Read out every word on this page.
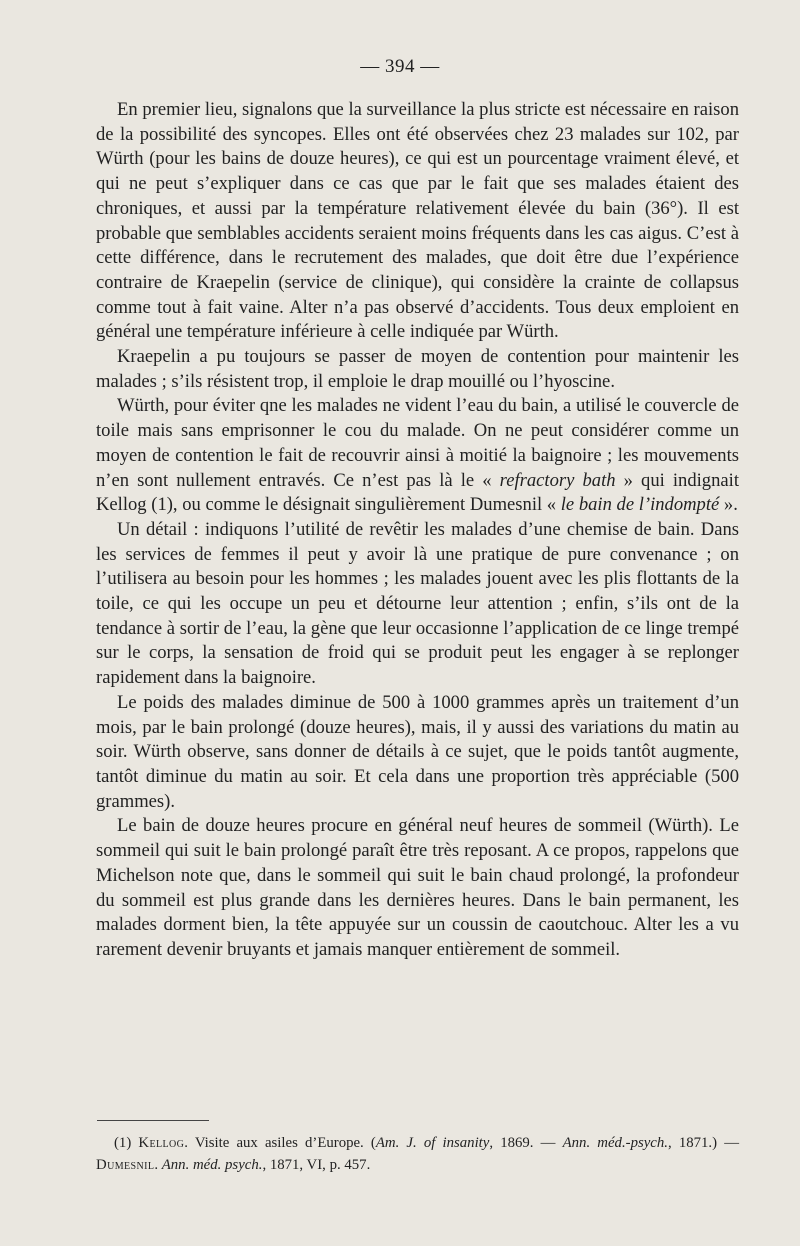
— 394 —

En premier lieu, signalons que la surveillance la plus stricte est nécessaire en raison de la possibilité des syncopes. Elles ont été observées chez 23 malades sur 102, par Würth (pour les bains de douze heures), ce qui est un pourcentage vraiment élevé, et qui ne peut s’expliquer dans ce cas que par le fait que ses malades étaient des chroniques, et aussi par la température relativement élevée du bain (36°). Il est probable que semblables accidents seraient moins fréquents dans les cas aigus. C’est à cette différence, dans le recrutement des malades, que doit être due l’expérience contraire de Kraepelin (service de clinique), qui considère la crainte de collapsus comme tout à fait vaine. Alter n’a pas observé d’accidents. Tous deux emploient en général une température inférieure à celle indiquée par Würth.

Kraepelin a pu toujours se passer de moyen de contention pour maintenir les malades ; s’ils résistent trop, il emploie le drap mouillé ou l’hyoscine.

Würth, pour éviter qne les malades ne vident l’eau du bain, a utilisé le couvercle de toile mais sans emprisonner le cou du malade. On ne peut considérer comme un moyen de contention le fait de recouvrir ainsi à moitié la baignoire ; les mouvements n’en sont nullement entravés. Ce n’est pas là le « refractory bath » qui indignait Kellog (1), ou comme le désignait singulièrement Dumesnil « le bain de l’indompté ».

Un détail : indiquons l’utilité de revêtir les malades d’une chemise de bain. Dans les services de femmes il peut y avoir là une pratique de pure convenance ; on l’utilisera au besoin pour les hommes ; les malades jouent avec les plis flottants de la toile, ce qui les occupe un peu et détourne leur attention ; enfin, s’ils ont de la tendance à sortir de l’eau, la gène que leur occasionne l’application de ce linge trempé sur le corps, la sensation de froid qui se produit peut les engager à se replonger rapidement dans la baignoire.

Le poids des malades diminue de 500 à 1000 grammes après un traitement d’un mois, par le bain prolongé (douze heures), mais, il y aussi des variations du matin au soir. Würth observe, sans donner de détails à ce sujet, que le poids tantôt augmente, tantôt diminue du matin au soir. Et cela dans une proportion très appréciable (500 grammes).

Le bain de douze heures procure en général neuf heures de sommeil (Würth). Le sommeil qui suit le bain prolongé paraît être très reposant. A ce propos, rappelons que Michelson note que, dans le sommeil qui suit le bain chaud prolongé, la profondeur du sommeil est plus grande dans les dernières heures. Dans le bain permanent, les malades dorment bien, la tête appuyée sur un coussin de caoutchouc. Alter les a vu rarement devenir bruyants et jamais manquer entièrement de sommeil.

(1) Kellog. Visite aux asiles d’Europe. (Am. J. of insanity, 1869. — Ann. méd.-psych., 1871.) — Dumesnil. Ann. méd. psych., 1871, VI, p. 457.
